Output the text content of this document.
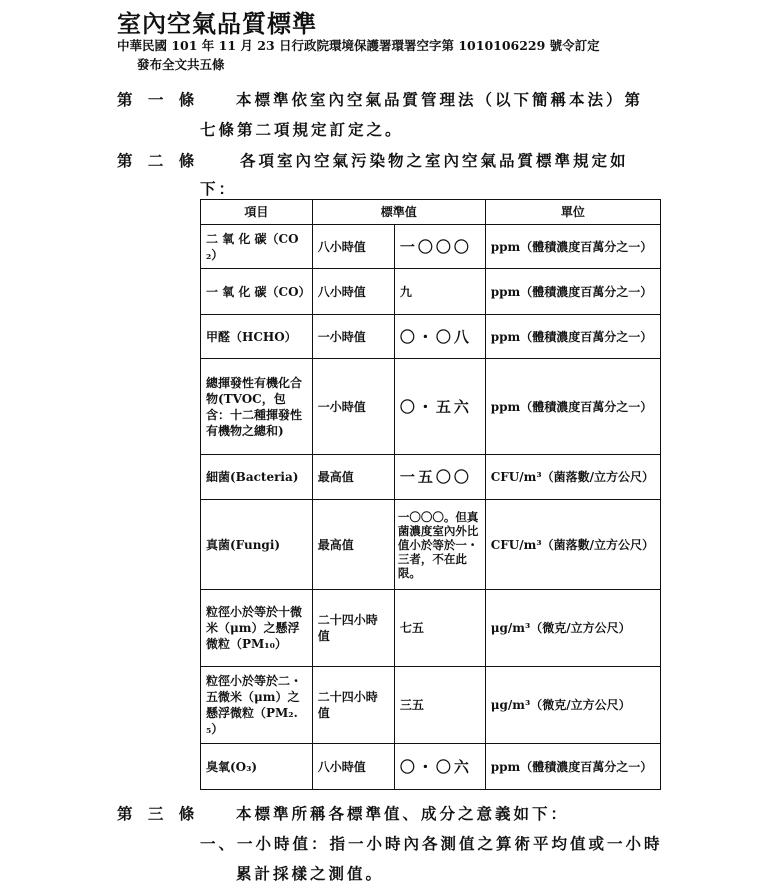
室內空氣品質標準
中華民國 101 年 11 月 23 日行政院環境保護署環署空字第 1010106229 號令訂定
發布全文共五條
第 一 條 本標準依室內空氣品質管理法（以下簡稱本法）第
七條第二項規定訂定之。
第 二 條	各項室內空氣污染物之室內空氣品質標準規定如
下：
項目	標準值		單位
二 氧 化 碳（CO₂）	八小時值	一〇〇〇	ppm（體積濃度百萬分之一）
一 氧 化 碳（CO）	八小時值	九	ppm（體積濃度百萬分之一）
甲醛（HCHO）	一小時值	〇・〇八	ppm（體積濃度百萬分之一）
總揮發性有機化合物(TVOC，包含：十二種揮發性有機物之總和)	一小時值	〇・五六	ppm（體積濃度百萬分之一）
細菌(Bacteria)	最高值	一五〇〇	CFU/m³（菌落數/立方公尺）
真菌(Fungi)	最高值	一〇〇〇。但真菌濃度室內外比值小於等於一・三者，不在此限。	CFU/m³（菌落數/立方公尺）
粒徑小於等於十微米（μm）之懸浮微粒（PM₁₀）	二十四小時值	七五	μg/m³（微克/立方公尺）
粒徑小於等於二・五微米（μm）之懸浮微粒（PM₂.₅）	二十四小時值	三五	μg/m³（微克/立方公尺）
臭氧(O₃)	八小時值	〇・〇六	ppm（體積濃度百萬分之一）
第 三 條 本標準所稱各標準值、成分之意義如下：
一、一小時值：指一小時內各測值之算術平均值或一小時
累計採樣之測值。
